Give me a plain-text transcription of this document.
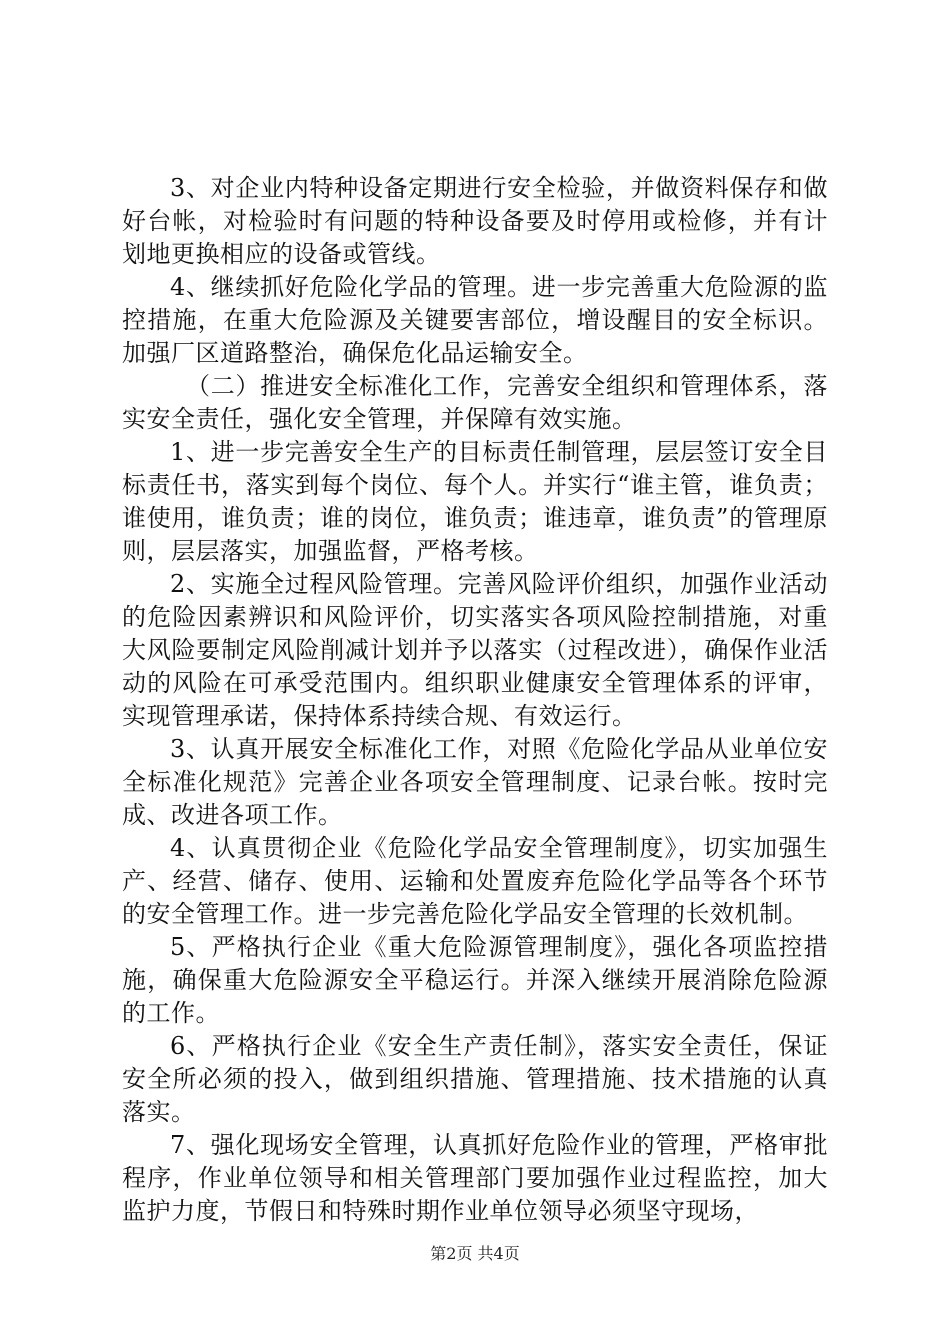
3、对企业内特种设备定期进行安全检验，并做资料保存和做好台帐，对检验时有问题的特种设备要及时停用或检修，并有计划地更换相应的设备或管线。

4、继续抓好危险化学品的管理。进一步完善重大危险源的监控措施，在重大危险源及关键要害部位，增设醒目的安全标识。加强厂区道路整治，确保危化品运输安全。

（二）推进安全标准化工作，完善安全组织和管理体系，落实安全责任，强化安全管理，并保障有效实施。

1、进一步完善安全生产的目标责任制管理，层层签订安全目标责任书，落实到每个岗位、每个人。并实行“谁主管，谁负责；谁使用，谁负责；谁的岗位，谁负责；谁违章，谁负责”的管理原则，层层落实，加强监督，严格考核。

2、实施全过程风险管理。完善风险评价组织，加强作业活动的危险因素辨识和风险评价，切实落实各项风险控制措施，对重大风险要制定风险削减计划并予以落实（过程改进），确保作业活动的风险在可承受范围内。组织职业健康安全管理体系的评审，实现管理承诺，保持体系持续合规、有效运行。

3、认真开展安全标准化工作，对照《危险化学品从业单位安全标准化规范》完善企业各项安全管理制度、记录台帐。按时完成、改进各项工作。

4、认真贯彻企业《危险化学品安全管理制度》，切实加强生产、经营、储存、使用、运输和处置废弃危险化学品等各个环节的安全管理工作。进一步完善危险化学品安全管理的长效机制。

5、严格执行企业《重大危险源管理制度》，强化各项监控措施，确保重大危险源安全平稳运行。并深入继续开展消除危险源的工作。

6、严格执行企业《安全生产责任制》，落实安全责任，保证安全所必须的投入，做到组织措施、管理措施、技术措施的认真落实。

7、强化现场安全管理，认真抓好危险作业的管理，严格审批程序，作业单位领导和相关管理部门要加强作业过程监控，加大监护力度，节假日和特殊时期作业单位领导必须坚守现场，

第2页 共4页
